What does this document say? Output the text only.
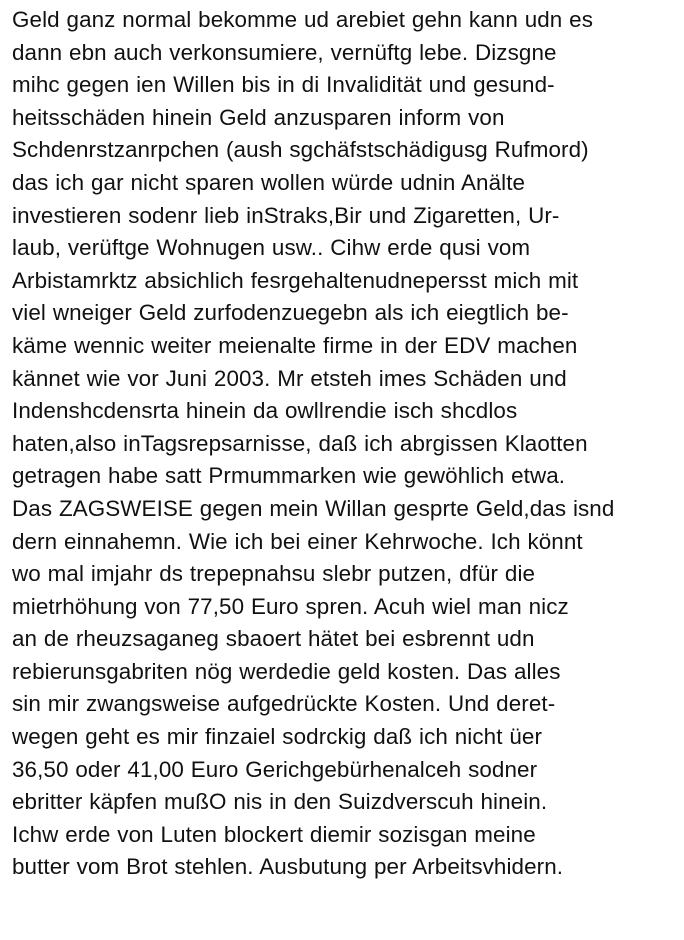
Geld ganz normal bekomme ud arebiet gehn kann udn es
dann ebn auch verkonsumiere, vernüftg lebe. Dizsgne
mihc gegen ien Willen bis in di Invalidität und gesund-
heitsschäden hinein Geld anzusparen inform von
Schdenrstzanrpchen (aush sgchäfstschädigusg Rufmord)
das ich gar nicht sparen wollen würde udnin Anälte
investieren sodenr lieb inStraks,Bir und Zigaretten, Ur-
laub, verüftge Wohnugen usw.. Cihw erde qusi vom
Arbistamrktz absichlich fesrgehaltenudnepersst mich mit
viel wneiger Geld zurfodenzuegebn als ich eiegtlich be-
käme wennic weiter meienalte firme in der EDV machen
kännet wie vor Juni 2003. Mr etsteh imes Schäden und
Indenshcdensrta hinein da owllrendie isch shcdlos
haten,also inTagsrepsarnisse, daß ich abrgissen Klaotten
getragen habe satt Prmummarken wie gewöhlich etwa.
Das ZAGSWEISE gegen mein Willan gesprte Geld,das isnd
dern einnahemn. Wie ich bei einer Kehrwoche. Ich könnt
wo mal imjahr ds trepepnahsu slebr putzen, dfür die
mietrhöhung von 77,50 Euro spren. Acuh wiel man nicz
an de rheuzsaganeg sbaoert hätet bei esbrennt udn
rebierunsgabriten nög werdedie geld kosten. Das alles
sin mir zwangsweise aufgedrückte Kosten. Und deret-
wegen geht es mir finzaiel sodrckig daß ich nicht üer
36,50 oder 41,00 Euro Gerichgebürhenalceh sodner
ebritter käpfen mußO nis in den Suizdverscuh hinein.
Ichw erde von Luten blockert diemir sozisgan meine
butter vom Brot stehlen. Ausbutung per Arbeitsvhidern.
